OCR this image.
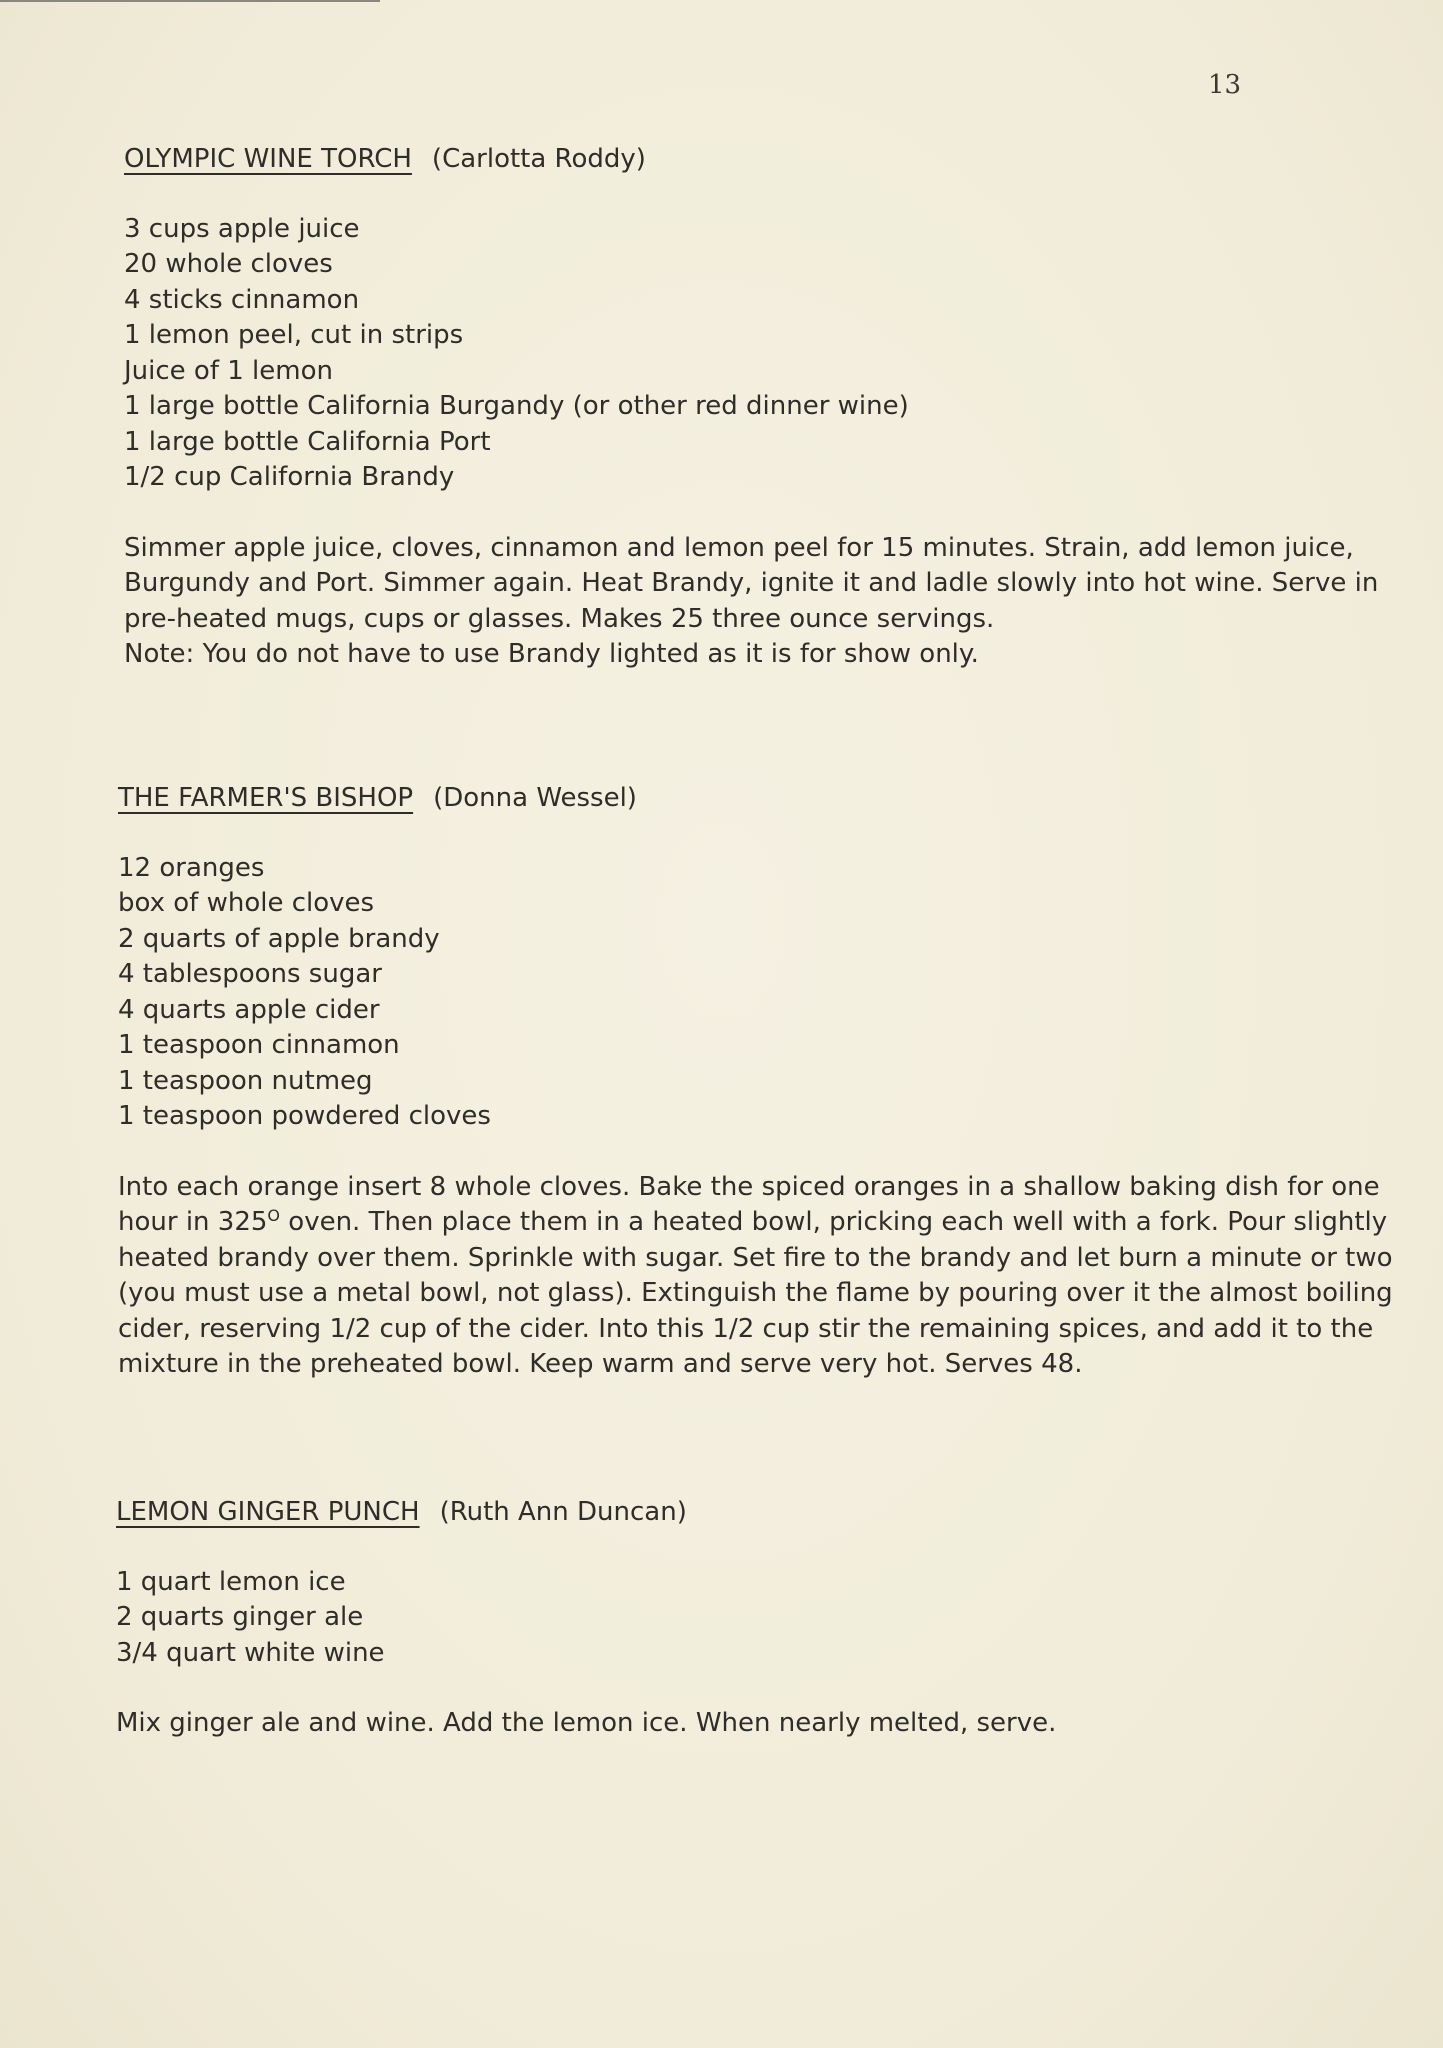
13
OLYMPIC WINE TORCH (Carlotta Roddy)
3 cups apple juice
20 whole cloves
4 sticks cinnamon
1 lemon peel, cut in strips
Juice of 1 lemon
1 large bottle California Burgandy (or other red dinner wine)
1 large bottle California Port
1/2 cup California Brandy

Simmer apple juice, cloves, cinnamon and lemon peel for 15 minutes. Strain, add lemon juice, Burgundy and Port. Simmer again. Heat Brandy, ignite it and ladle slowly into hot wine. Serve in pre-heated mugs, cups or glasses. Makes 25 three ounce servings.

Note: You do not have to use Brandy lighted as it is for show only.

THE FARMER'S BISHOP (Donna Wessel)
12 oranges
box of whole cloves
2 quarts of apple brandy
4 tablespoons sugar
4 quarts apple cider
1 teaspoon cinnamon
1 teaspoon nutmeg
1 teaspoon powdered cloves

Into each orange insert 8 whole cloves. Bake the spiced oranges in a shallow baking dish for one hour in $325^O$ oven. Then place them in a heated bowl, pricking each well with a fork. Pour slightly heated brandy over them. Sprinkle with sugar. Set fire to the brandy and let burn a minute or two (you must use a metal bowl, not glass). Extinguish the flame by pouring over it the almost boiling cider, reserving 1/2 cup of the cider. Into this 1/2 cup stir the remaining spices, and add it to the mixture in the preheated bowl. Keep warm and serve very hot. Serves 48.

LEMON GINGER PUNCH (Ruth Ann Duncan)
1 quart lemon ice
2 quarts ginger ale
3/4 quart white wine

Mix ginger ale and wine. Add the lemon ice. When nearly melted, serve.
